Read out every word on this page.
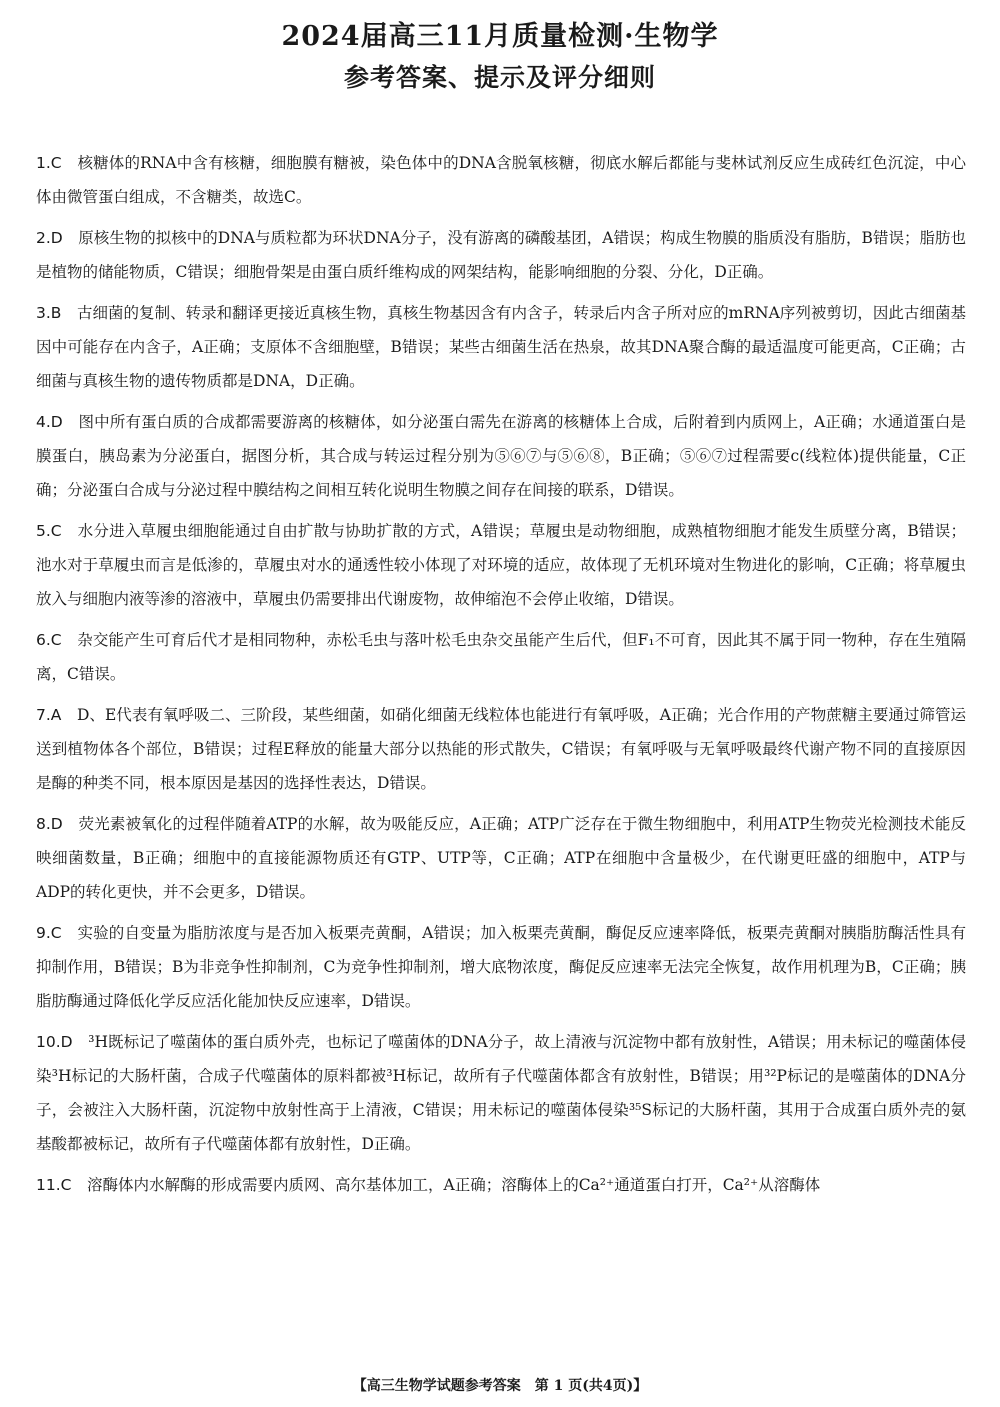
2024届高三11月质量检测·生物学
参考答案、提示及评分细则
1.C　 核糖体的RNA中含有核糖，细胞膜有糖被，染色体中的DNA含脱氧核糖，彻底水解后都能与斐林试剂反应生成砖红色沉淀，中心体由微管蛋白组成，不含糖类，故选C。
2.D　 原核生物的拟核中的DNA与质粒都为环状DNA分子，没有游离的磷酸基团，A错误；构成生物膜的脂质没有脂肪，B错误；脂肪也是植物的储能物质，C错误；细胞骨架是由蛋白质纤维构成的网架结构，能影响细胞的分裂、分化，D正确。
3.B　 古细菌的复制、转录和翻译更接近真核生物，真核生物基因含有内含子，转录后内含子所对应的mRNA序列被剪切，因此古细菌基因中可能存在内含子，A正确；支原体不含细胞壁，B错误；某些古细菌生活在热泉，故其DNA聚合酶的最适温度可能更高，C正确；古细菌与真核生物的遗传物质都是DNA，D正确。
4.D　 图中所有蛋白质的合成都需要游离的核糖体，如分泌蛋白需先在游离的核糖体上合成，后附着到内质网上，A正确；水通道蛋白是膜蛋白，胰岛素为分泌蛋白，据图分析，其合成与转运过程分别为⑤⑥⑦与⑤⑥⑧，B正确；⑤⑥⑦过程需要c(线粒体)提供能量，C正确；分泌蛋白合成与分泌过程中膜结构之间相互转化说明生物膜之间存在间接的联系，D错误。
5.C　 水分进入草履虫细胞能通过自由扩散与协助扩散的方式，A错误；草履虫是动物细胞，成熟植物细胞才能发生质壁分离，B错误；池水对于草履虫而言是低渗的，草履虫对水的通透性较小体现了对环境的适应，故体现了无机环境对生物进化的影响，C正确；将草履虫放入与细胞内液等渗的溶液中，草履虫仍需要排出代谢废物，故伸缩泡不会停止收缩，D错误。
6.C　 杂交能产生可育后代才是相同物种，赤松毛虫与落叶松毛虫杂交虽能产生后代，但F₁不可育，因此其不属于同一物种，存在生殖隔离，C错误。
7.A　 D、E代表有氧呼吸二、三阶段，某些细菌，如硝化细菌无线粒体也能进行有氧呼吸，A正确；光合作用的产物蔗糖主要通过筛管运送到植物体各个部位，B错误；过程E释放的能量大部分以热能的形式散失，C错误；有氧呼吸与无氧呼吸最终代谢产物不同的直接原因是酶的种类不同，根本原因是基因的选择性表达，D错误。
8.D　 荧光素被氧化的过程伴随着ATP的水解，故为吸能反应，A正确；ATP广泛存在于微生物细胞中，利用ATP生物荧光检测技术能反映细菌数量，B正确；细胞中的直接能源物质还有GTP、UTP等，C正确；ATP在细胞中含量极少，在代谢更旺盛的细胞中，ATP与ADP的转化更快，并不会更多，D错误。
9.C　 实验的自变量为脂肪浓度与是否加入板栗壳黄酮，A错误；加入板栗壳黄酮，酶促反应速率降低，板栗壳黄酮对胰脂肪酶活性具有抑制作用，B错误；B为非竞争性抑制剂，C为竞争性抑制剂，增大底物浓度，酶促反应速率无法完全恢复，故作用机理为B，C正确；胰脂肪酶通过降低化学反应活化能加快反应速率，D错误。
10.D　 ³H既标记了噬菌体的蛋白质外壳，也标记了噬菌体的DNA分子，故上清液与沉淀物中都有放射性，A错误；用未标记的噬菌体侵染³H标记的大肠杆菌，合成子代噬菌体的原料都被³H标记，故所有子代噬菌体都含有放射性，B错误；用³²P标记的是噬菌体的DNA分子，会被注入大肠杆菌，沉淀物中放射性高于上清液，C错误；用未标记的噬菌体侵染³⁵S标记的大肠杆菌，其用于合成蛋白质外壳的氨基酸都被标记，故所有子代噬菌体都有放射性，D正确。
11.C　 溶酶体内水解酶的形成需要内质网、高尔基体加工，A正确；溶酶体上的Ca²⁺通道蛋白打开，Ca²⁺从溶酶体
【高三生物学试题参考答案　第 1 页(共4页)】
